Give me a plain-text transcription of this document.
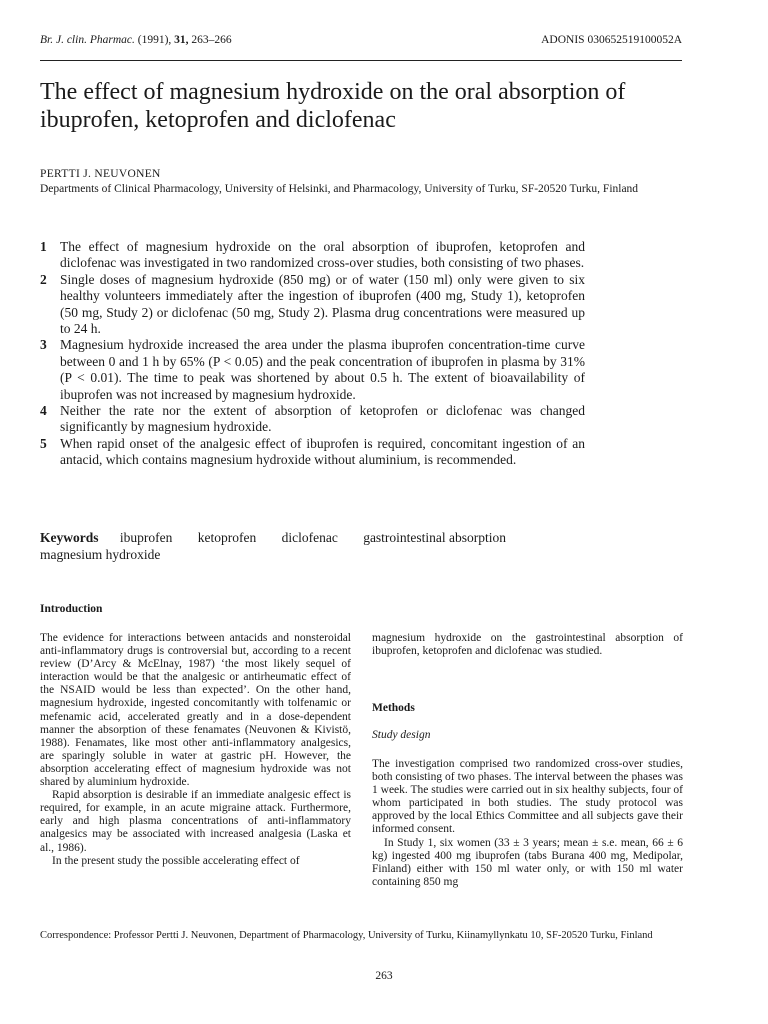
Br. J. clin. Pharmac. (1991), 31, 263–266	ADONIS 030652519100052A
The effect of magnesium hydroxide on the oral absorption of ibuprofen, ketoprofen and diclofenac
PERTTI J. NEUVONEN
Departments of Clinical Pharmacology, University of Helsinki, and Pharmacology, University of Turku, SF-20520 Turku, Finland
1 The effect of magnesium hydroxide on the oral absorption of ibuprofen, ketoprofen and diclofenac was investigated in two randomized cross-over studies, both consisting of two phases.
2 Single doses of magnesium hydroxide (850 mg) or of water (150 ml) only were given to six healthy volunteers immediately after the ingestion of ibuprofen (400 mg, Study 1), ketoprofen (50 mg, Study 2) or diclofenac (50 mg, Study 2). Plasma drug concentrations were measured up to 24 h.
3 Magnesium hydroxide increased the area under the plasma ibuprofen concentration-time curve between 0 and 1 h by 65% (P < 0.05) and the peak concentration of ibuprofen in plasma by 31% (P < 0.01). The time to peak was shortened by about 0.5 h. The extent of bioavailability of ibuprofen was not increased by magnesium hydroxide.
4 Neither the rate nor the extent of absorption of ketoprofen or diclofenac was changed significantly by magnesium hydroxide.
5 When rapid onset of the analgesic effect of ibuprofen is required, concomitant ingestion of an antacid, which contains magnesium hydroxide without aluminium, is recommended.
Keywords ibuprofen ketoprofen diclofenac gastrointestinal absorption
magnesium hydroxide
Introduction

The evidence for interactions between antacids and nonsteroidal anti-inflammatory drugs is controversial but, according to a recent review (D’Arcy & McElnay, 1987) ‘the most likely sequel of interaction would be that the analgesic or antirheumatic effect of the NSAID would be less than expected’. On the other hand, magnesium hydroxide, ingested concomitantly with tolfenamic or mefenamic acid, accelerated greatly and in a dose-dependent manner the absorption of these fenamates (Neuvonen & Kivistö, 1988). Fenamates, like most other anti-inflammatory analgesics, are sparingly soluble in water at gastric pH. However, the absorption accelerating effect of magnesium hydroxide was not shared by aluminium hydroxide.

Rapid absorption is desirable if an immediate analgesic effect is required, for example, in an acute migraine attack. Furthermore, early and high plasma concentrations of anti-inflammatory analgesics may be associated with increased analgesia (Laska et al., 1986).

In the present study the possible accelerating effect of

magnesium hydroxide on the gastrointestinal absorption of ibuprofen, ketoprofen and diclofenac was studied.

Methods
Study design

The investigation comprised two randomized cross-over studies, both consisting of two phases. The interval between the phases was 1 week. The studies were carried out in six healthy subjects, four of whom participated in both studies. The study protocol was approved by the local Ethics Committee and all subjects gave their informed consent.

In Study 1, six women (33 ± 3 years; mean ± s.e. mean, 66 ± 6 kg) ingested 400 mg ibuprofen (tabs Burana 400 mg, Medipolar, Finland) either with 150 ml water only, or with 150 ml water containing 850 mg

Correspondence: Professor Pertti J. Neuvonen, Department of Pharmacology, University of Turku, Kiinamyllynkatu 10, SF-20520 Turku, Finland
263
